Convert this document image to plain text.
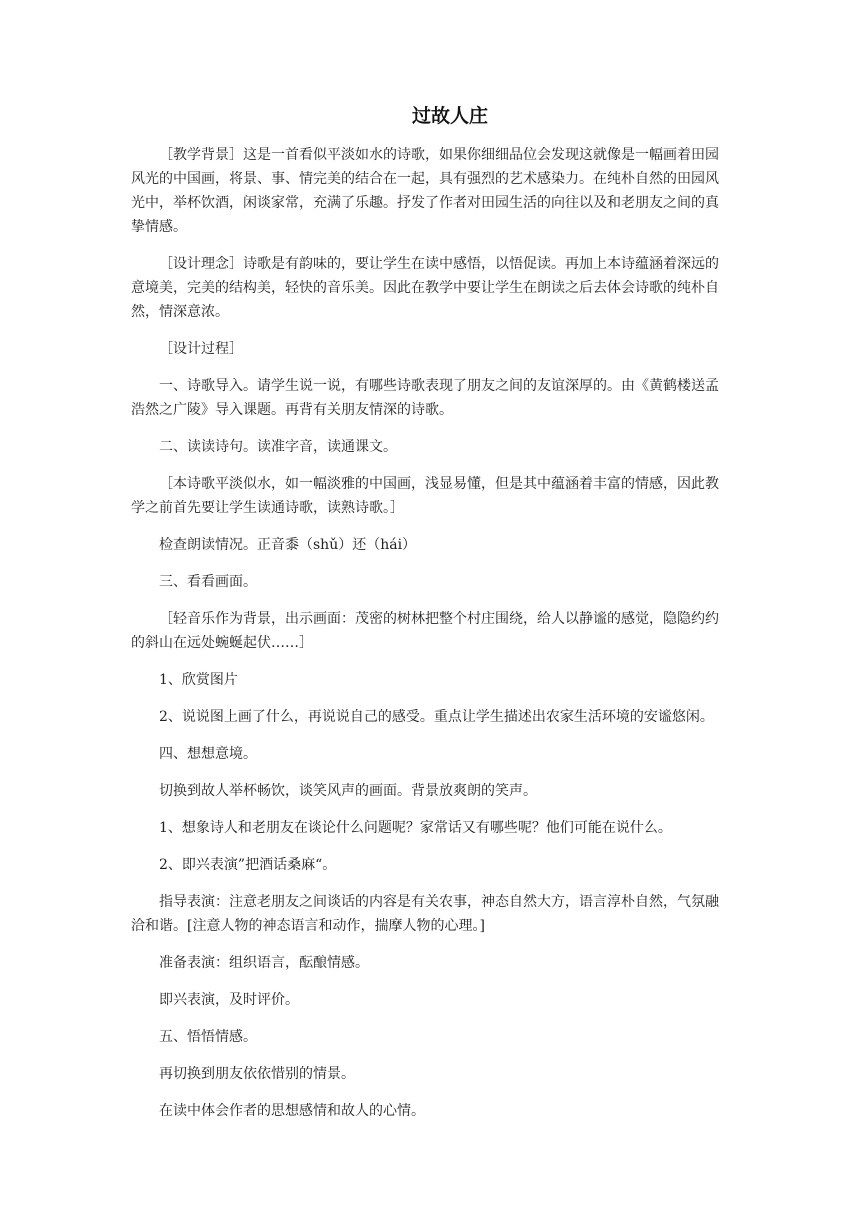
过故人庄

［教学背景］这是一首看似平淡如水的诗歌，如果你细细品位会发现这就像是一幅画着田园风光的中国画，将景、事、情完美的结合在一起，具有强烈的艺术感染力。在纯朴自然的田园风光中，举杯饮酒，闲谈家常，充满了乐趣。抒发了作者对田园生活的向往以及和老朋友之间的真挚情感。

［设计理念］诗歌是有韵味的，要让学生在读中感悟，以悟促读。再加上本诗蕴涵着深远的意境美，完美的结构美，轻快的音乐美。因此在教学中要让学生在朗读之后去体会诗歌的纯朴自然，情深意浓。

［设计过程］

一、诗歌导入。请学生说一说，有哪些诗歌表现了朋友之间的友谊深厚的。由《黄鹤楼送孟浩然之广陵》导入课题。再背有关朋友情深的诗歌。

二、读读诗句。读准字音，读通课文。

［本诗歌平淡似水，如一幅淡雅的中国画，浅显易懂，但是其中蕴涵着丰富的情感，因此教学之前首先要让学生读通诗歌，读熟诗歌。］

检查朗读情况。正音黍（shǔ）还（hái）

三、看看画面。

［轻音乐作为背景，出示画面：茂密的树林把整个村庄围绕，给人以静谧的感觉，隐隐约约的斜山在远处蜿蜒起伏……］

1、欣赏图片

2、说说图上画了什么，再说说自己的感受。重点让学生描述出农家生活环境的安谧悠闲。

四、想想意境。

切换到故人举杯畅饮，谈笑风声的画面。背景放爽朗的笑声。

1、想象诗人和老朋友在谈论什么问题呢？家常话又有哪些呢？他们可能在说什么。

2、即兴表演”把酒话桑麻“。

指导表演：注意老朋友之间谈话的内容是有关农事，神态自然大方，语言淳朴自然，气氛融洽和谐。[注意人物的神态语言和动作，揣摩人物的心理。]

准备表演：组织语言，酝酿情感。

即兴表演，及时评价。

五、悟悟情感。

再切换到朋友依依惜别的情景。

在读中体会作者的思想感情和故人的心情。
